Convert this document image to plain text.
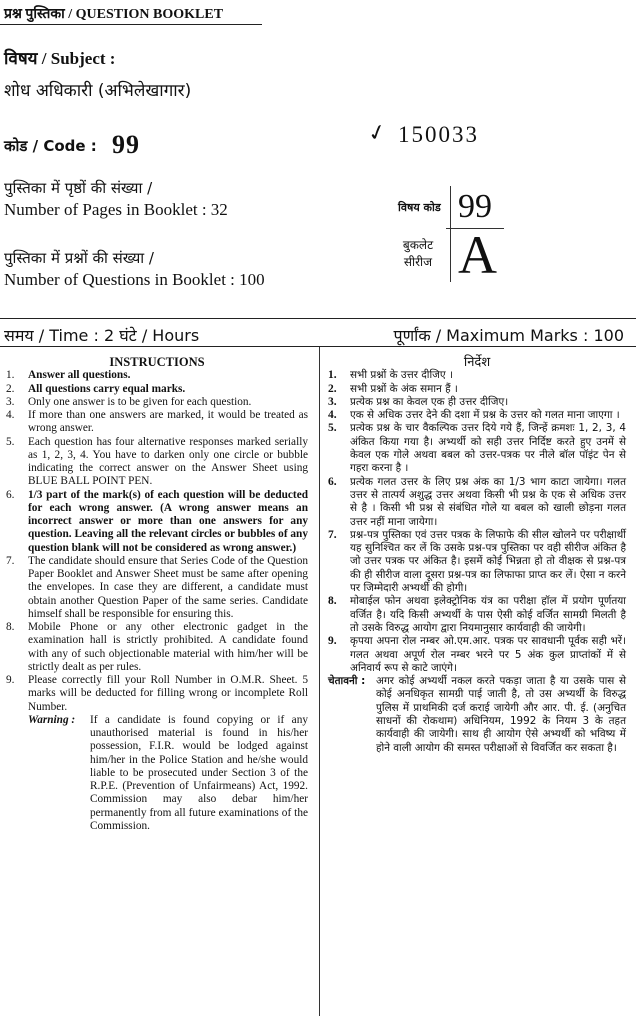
प्रश्न पुस्तिका / QUESTION BOOKLET
विषय / Subject :
शोध अधिकारी (अभिलेखागार)
कोड / Code : 99	✓ 150033
पुस्तिका में पृष्ठों की संख्या /
Number of Pages in Booklet : 32
पुस्तिका में प्रश्नों की संख्या /
Number of Questions in Booklet : 100
विषय कोड 99
बुकलेट
सीरीज A
समय / Time : 2 घंटे / Hours	पूर्णांक / Maximum Marks : 100
INSTRUCTIONS
1.	Answer all questions.
2.	All questions carry equal marks.
3.	Only one answer is to be given for each question.
4.	If more than one answers are marked, it would be treated as wrong answer.
5.	Each question has four alternative responses marked serially as 1, 2, 3, 4. You have to darken only one circle or bubble indicating the correct answer on the Answer Sheet using BLUE BALL POINT PEN.
6.	1/3 part of the mark(s) of each question will be deducted for each wrong answer. (A wrong answer means an incorrect answer or more than one answers for any question. Leaving all the relevant circles or bubbles of any question blank will not be considered as wrong answer.)
7.	The candidate should ensure that Series Code of the Question Paper Booklet and Answer Sheet must be same after opening the envelopes. In case they are different, a candidate must obtain another Question Paper of the same series. Candidate himself shall be responsible for ensuring this.
8.	Mobile Phone or any other electronic gadget in the examination hall is strictly prohibited. A candidate found with any of such objectionable material with him/her will be strictly dealt as per rules.
9.	Please correctly fill your Roll Number in O.M.R. Sheet. 5 marks will be deducted for filling wrong or incomplete Roll Number.
Warning :	If a candidate is found copying or if any unauthorised material is found in his/her possession, F.I.R. would be lodged against him/her in the Police Station and he/she would liable to be prosecuted under Section 3 of the R.P.E. (Prevention of Unfairmeans) Act, 1992. Commission may also debar him/her permanently from all future examinations of the Commission.
निर्देश
1.	सभी प्रश्नों के उत्तर दीजिए ।
2.	सभी प्रश्नों के अंक समान हैं ।
3.	प्रत्येक प्रश्न का केवल एक ही उत्तर दीजिए।
4.	एक से अधिक उत्तर देने की दशा में प्रश्न के उत्तर को गलत माना जाएगा ।
5.	प्रत्येक प्रश्न के चार वैकल्पिक उत्तर दिये गये हैं, जिन्हें क्रमशः 1, 2, 3, 4 अंकित किया गया है। अभ्यर्थी को सही उत्तर निर्दिष्ट करते हुए उनमें से केवल एक गोले अथवा बबल को उत्तर-पत्रक पर नीले बॉल पॉइंट पेन से गहरा करना है ।
6.	प्रत्येक गलत उत्तर के लिए प्रश्न अंक का 1/3 भाग काटा जायेगा। गलत उत्तर से तात्पर्य अशुद्ध उत्तर अथवा किसी भी प्रश्न के एक से अधिक उत्तर से है । किसी भी प्रश्न से संबंधित गोले या बबल को खाली छोड़ना गलत उत्तर नहीं माना जायेगा।
7.	प्रश्न-पत्र पुस्तिका एवं उत्तर पत्रक के लिफाफे की सील खोलने पर परीक्षार्थी यह सुनिश्चित कर लें कि उसके प्रश्न-पत्र पुस्तिका पर वही सीरीज अंकित है जो उत्तर पत्रक पर अंकित है। इसमें कोई भिन्नता हो तो वीक्षक से प्रश्न-पत्र की ही सीरीज वाला दूसरा प्रश्न-पत्र का लिफाफा प्राप्त कर लें। ऐसा न करने पर जिम्मेदारी अभ्यर्थी की होगी।
8.	मोबाईल फोन अथवा इलेक्ट्रोनिक यंत्र का परीक्षा हॉल में प्रयोग पूर्णतया वर्जित है। यदि किसी अभ्यर्थी के पास ऐसी कोई वर्जित सामग्री मिलती है तो उसके विरुद्ध आयोग द्वारा नियमानुसार कार्यवाही की जायेगी।
9.	कृपया अपना रोल नम्बर ओ.एम.आर. पत्रक पर सावधानी पूर्वक सही भरें। गलत अथवा अपूर्ण रोल नम्बर भरने पर 5 अंक कुल प्राप्तांकों में से अनिवार्य रूप से काटे जाएंगे।
चेतावनी :	अगर कोई अभ्यर्थी नकल करते पकड़ा जाता है या उसके पास से कोई अनधिकृत सामग्री पाई जाती है, तो उस अभ्यर्थी के विरुद्ध पुलिस में प्राथमिकी दर्ज कराई जायेगी और आर. पी. ई. (अनुचित साधनों की रोकथाम) अधिनियम, 1992 के नियम 3 के तहत कार्यवाही की जायेगी। साथ ही आयोग ऐसे अभ्यर्थी को भविष्य में होने वाली आयोग की समस्त परीक्षाओं से विवर्जित कर सकता है।
